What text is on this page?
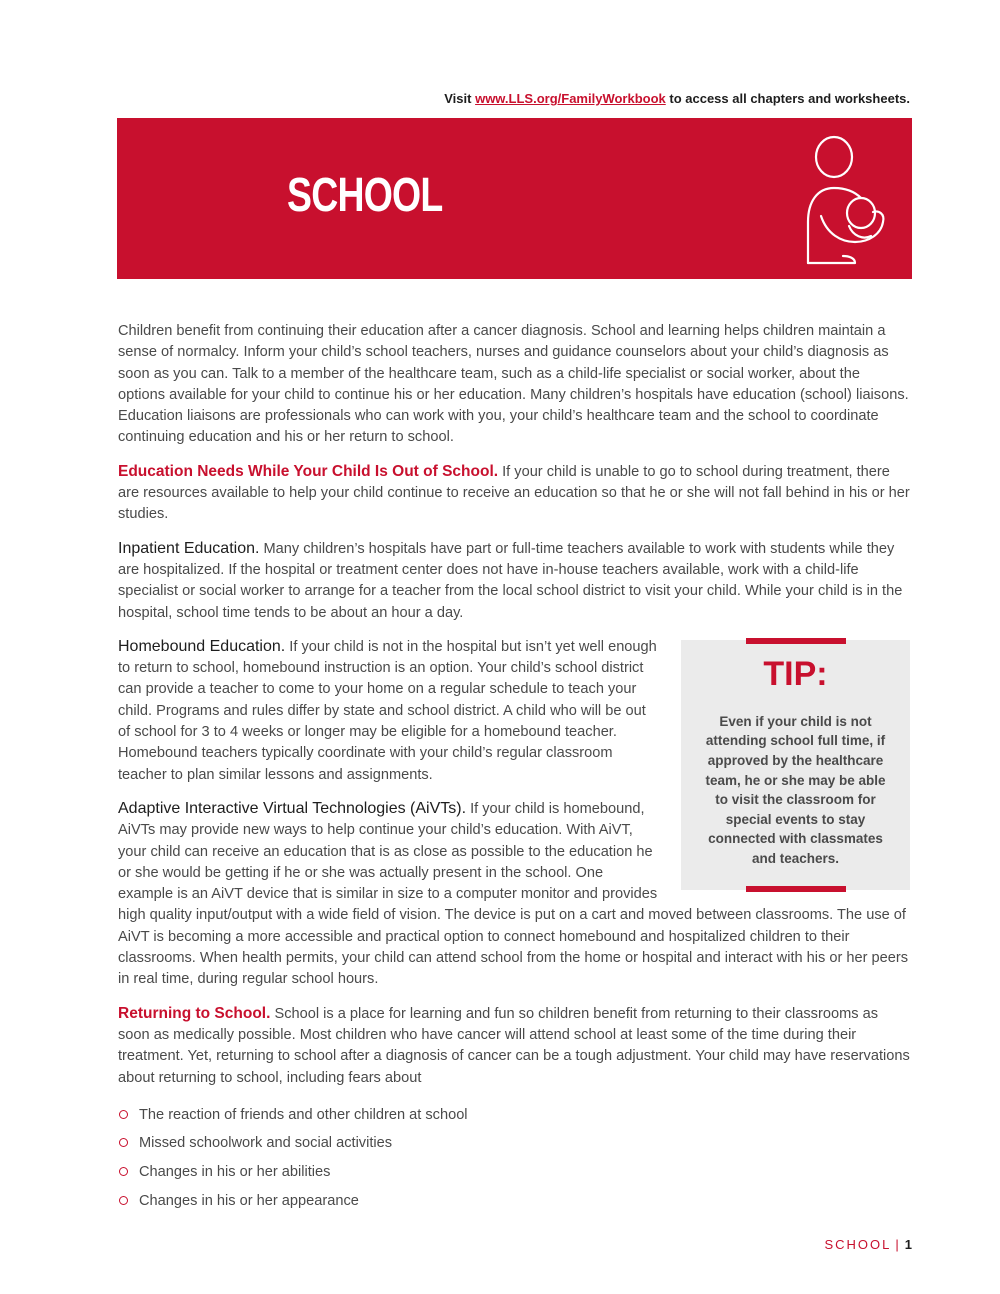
Visit www.LLS.org/FamilyWorkbook to access all chapters and worksheets.
SCHOOL

Children benefit from continuing their education after a cancer diagnosis. School and learning helps children maintain a sense of normalcy. Inform your child’s school teachers, nurses and guidance counselors about your child’s diagnosis as soon as you can. Talk to a member of the healthcare team, such as a child-life specialist or social worker, about the options available for your child to continue his or her education. Many children’s hospitals have education (school) liaisons. Education liaisons are professionals who can work with you, your child’s healthcare team and the school to coordinate continuing education and his or her return to school.

Education Needs While Your Child Is Out of School. If your child is unable to go to school during treatment, there are resources available to help your child continue to receive an education so that he or she will not fall behind in his or her studies.

Inpatient Education. Many children’s hospitals have part or full-time teachers available to work with students while they are hospitalized. If the hospital or treatment center does not have in-house teachers available, work with a child-life specialist or social worker to arrange for a teacher from the local school district to visit your child. While your child is in the hospital, school time tends to be about an hour a day.

TIP:
Even if your child is not attending school full time, if approved by the healthcare team, he or she may be able to visit the classroom for special events to stay connected with classmates and teachers.

Homebound Education. If your child is not in the hospital but isn’t yet well enough to return to school, homebound instruction is an option. Your child’s school district can provide a teacher to come to your home on a regular schedule to teach your child. Programs and rules differ by state and school district. A child who will be out of school for 3 to 4 weeks or longer may be eligible for a homebound teacher. Homebound teachers typically coordinate with your child’s regular classroom teacher to plan similar lessons and assignments.

Adaptive Interactive Virtual Technologies (AiVTs). If your child is homebound, AiVTs may provide new ways to help continue your child’s education. With AiVT, your child can receive an education that is as close as possible to the education he or she would be getting if he or she was actually present in the school. One example is an AiVT device that is similar in size to a computer monitor and provides high quality input/output with a wide field of vision. The device is put on a cart and moved between classrooms. The use of AiVT is becoming a more accessible and practical option to connect homebound and hospitalized children to their classrooms. When health permits, your child can attend school from the home or hospital and interact with his or her peers in real time, during regular school hours.

Returning to School. School is a place for learning and fun so children benefit from returning to their classrooms as soon as medically possible. Most children who have cancer will attend school at least some of the time during their treatment. Yet, returning to school after a diagnosis of cancer can be a tough adjustment. Your child may have reservations about returning to school, including fears about

The reaction of friends and other children at school
Missed schoolwork and social activities
Changes in his or her abilities
Changes in his or her appearance
SCHOOL | 1
